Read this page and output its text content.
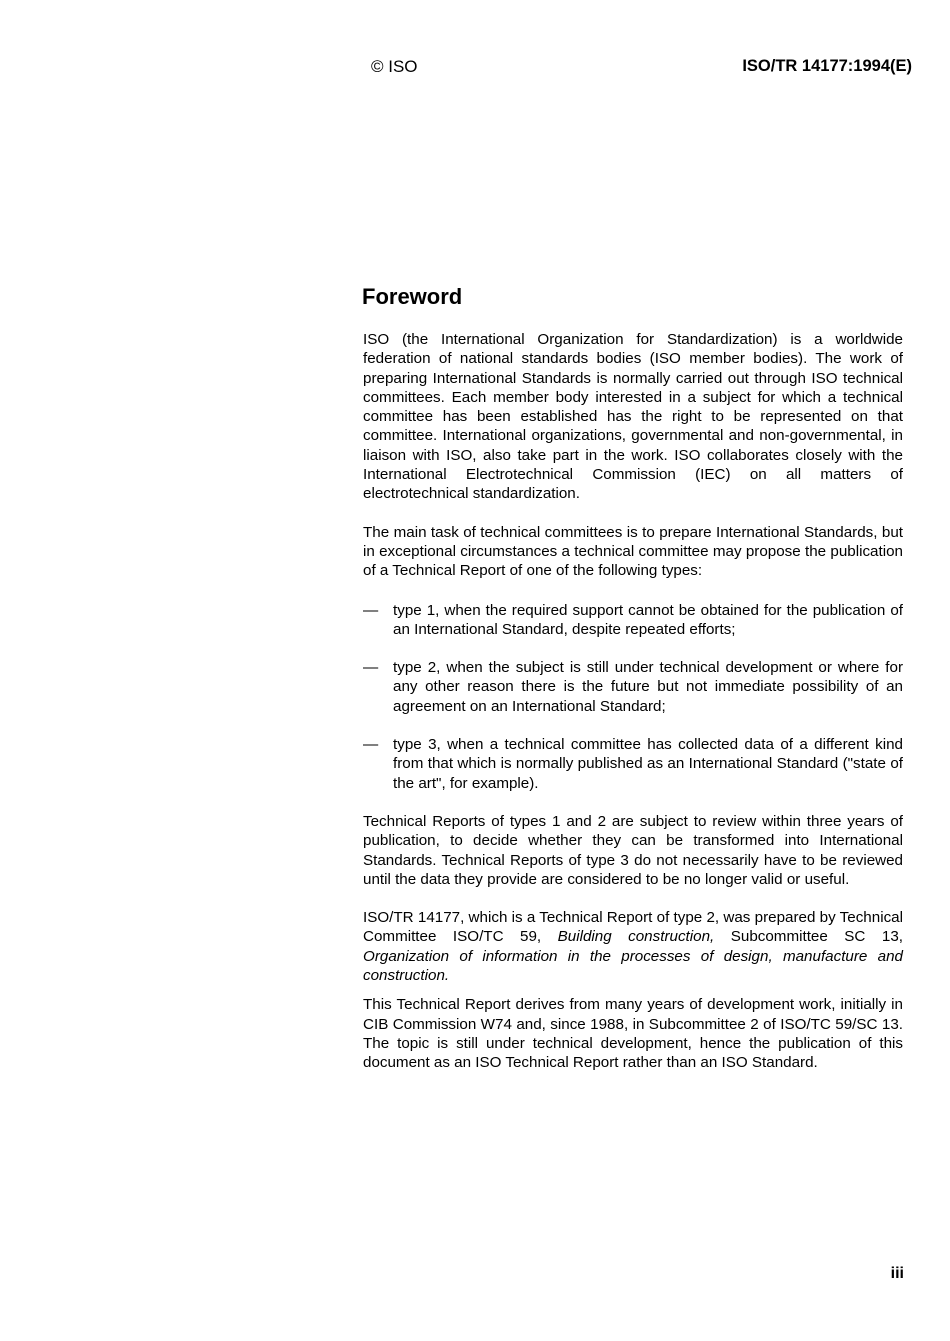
© ISO	ISO/TR 14177:1994(E)
Foreword

ISO (the International Organization for Standardization) is a worldwide federation of national standards bodies (ISO member bodies). The work of preparing International Standards is normally carried out through ISO technical committees. Each member body interested in a subject for which a technical committee has been established has the right to be represented on that committee. International organizations, governmental and non-governmental, in liaison with ISO, also take part in the work. ISO collaborates closely with the International Electrotechnical Commission (IEC) on all matters of electrotechnical standardization.

The main task of technical committees is to prepare International Standards, but in exceptional circumstances a technical committee may propose the publication of a Technical Report of one of the following types:

— type 1, when the required support cannot be obtained for the publication of an International Standard, despite repeated efforts;
— type 2, when the subject is still under technical development or where for any other reason there is the future but not immediate possibility of an agreement on an International Standard;
— type 3, when a technical committee has collected data of a different kind from that which is normally published as an International Standard ("state of the art", for example).

Technical Reports of types 1 and 2 are subject to review within three years of publication, to decide whether they can be transformed into International Standards. Technical Reports of type 3 do not necessarily have to be reviewed until the data they provide are considered to be no longer valid or useful.

ISO/TR 14177, which is a Technical Report of type 2, was prepared by Technical Committee ISO/TC 59, Building construction, Subcommittee SC 13, Organization of information in the processes of design, manufacture and construction.

This Technical Report derives from many years of development work, initially in CIB Commission W74 and, since 1988, in Subcommittee 2 of ISO/TC 59/SC 13. The topic is still under technical development, hence the publication of this document as an ISO Technical Report rather than an ISO Standard.

iii
